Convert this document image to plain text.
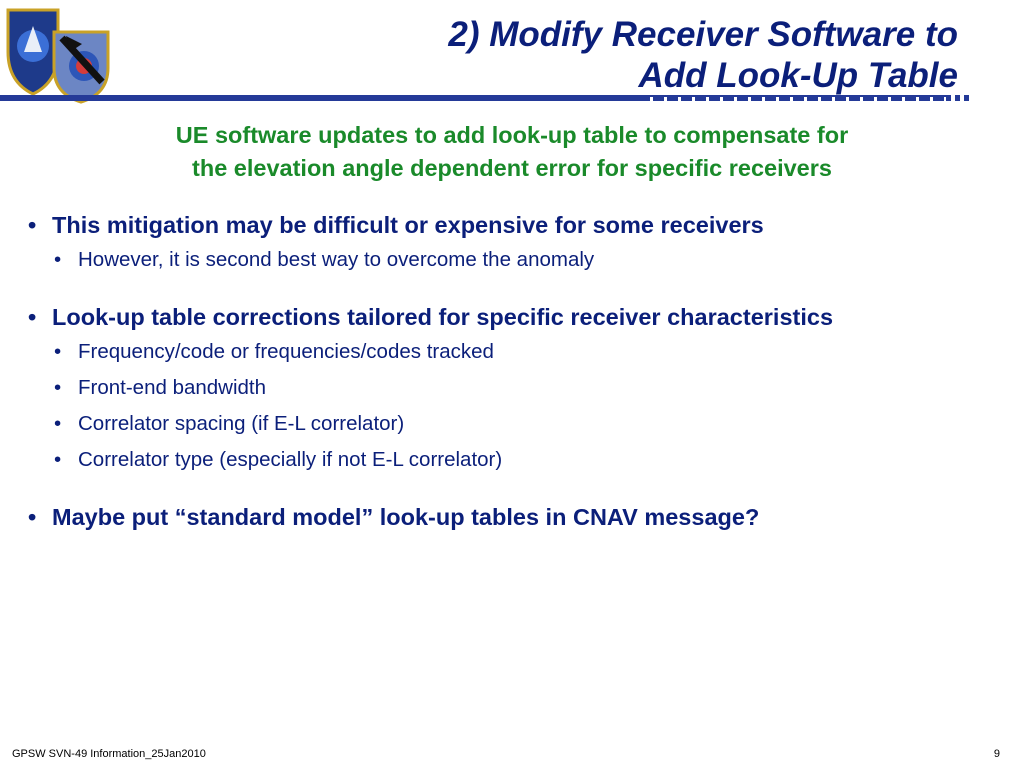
2) Modify Receiver Software to
Add Look-Up Table
UE software updates to add look-up table to compensate for
the elevation angle dependent error for specific receivers
• This mitigation may be difficult or expensive for some receivers
• However, it is second best way to overcome the anomaly
• Look-up table corrections tailored for specific receiver characteristics
• Frequency/code or frequencies/codes tracked
• Front-end bandwidth
• Correlator spacing (if E-L correlator)
• Correlator type (especially if not E-L correlator)
• Maybe put “standard model” look-up tables in CNAV message?
GPSW SVN-49 Information_25Jan2010	9
